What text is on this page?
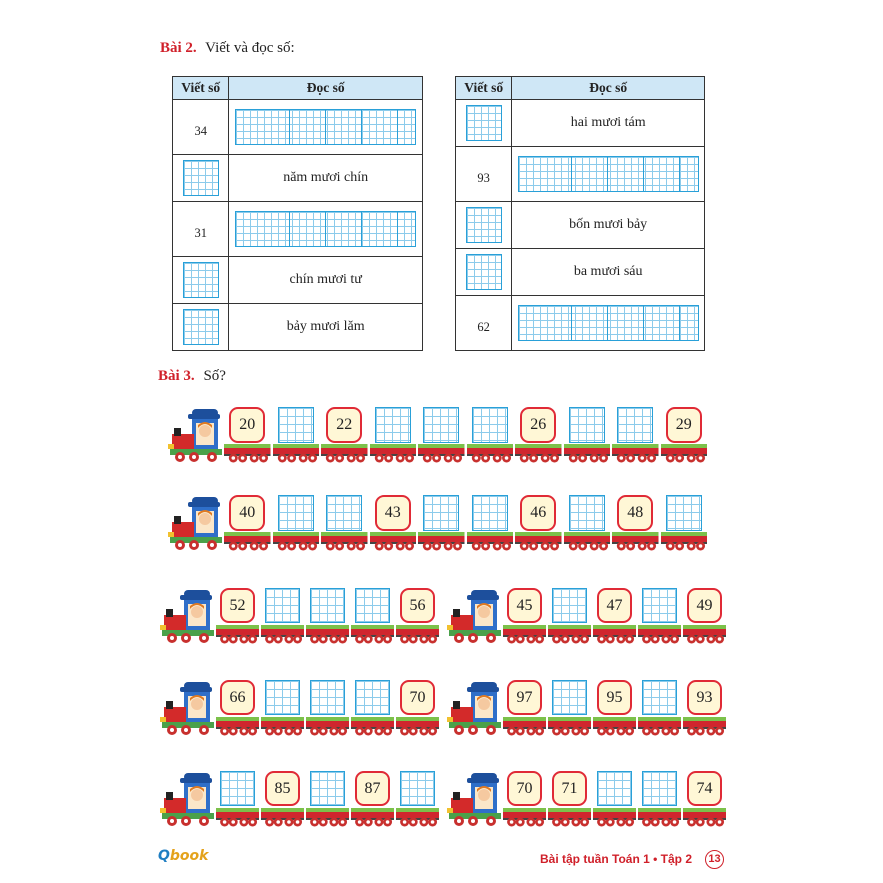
Bài 2. Viết và đọc số:
Viết số	Đọc số
34	
	năm mươi chín
31	
	chín mươi tư
	bảy mươi lăm
Viết số	Đọc số
	hai mươi tám
93	
	bốn mươi bảy
	ba mươi sáu
62	
Bài 3. Số?
20	22	26	29
40	43	46	48
52	56	45	47	49
66	70	97	95	93
85	87	70	71	74
Qbook	Bài tập tuần Toán 1 • Tập 2	13
